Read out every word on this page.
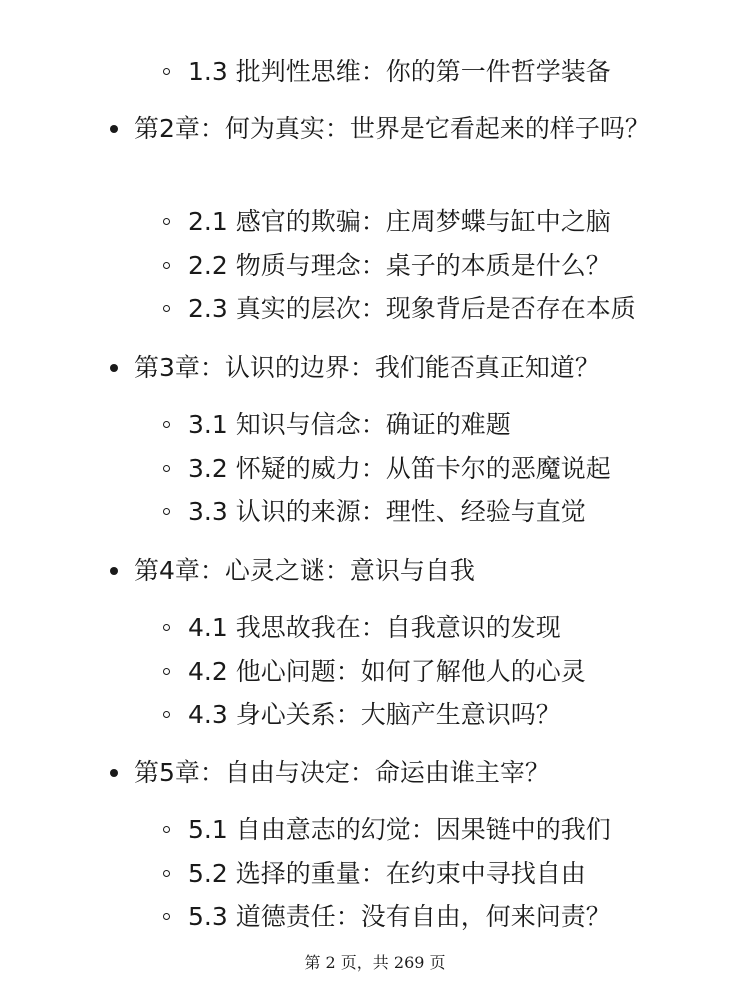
1.3 批判性思维：你的第一件哲学装备
第2章：何为真实：世界是它看起来的样子吗？
2.1 感官的欺骗：庄周梦蝶与缸中之脑
2.2 物质与理念：桌子的本质是什么？
2.3 真实的层次：现象背后是否存在本质
第3章：认识的边界：我们能否真正知道？
3.1 知识与信念：确证的难题
3.2 怀疑的威力：从笛卡尔的恶魔说起
3.3 认识的来源：理性、经验与直觉
第4章：心灵之谜：意识与自我
4.1 我思故我在：自我意识的发现
4.2 他心问题：如何了解他人的心灵
4.3 身心关系：大脑产生意识吗？
第5章：自由与决定：命运由谁主宰？
5.1 自由意志的幻觉：因果链中的我们
5.2 选择的重量：在约束中寻找自由
5.3 道德责任：没有自由，何来问责？
第 2 页，共 269 页
